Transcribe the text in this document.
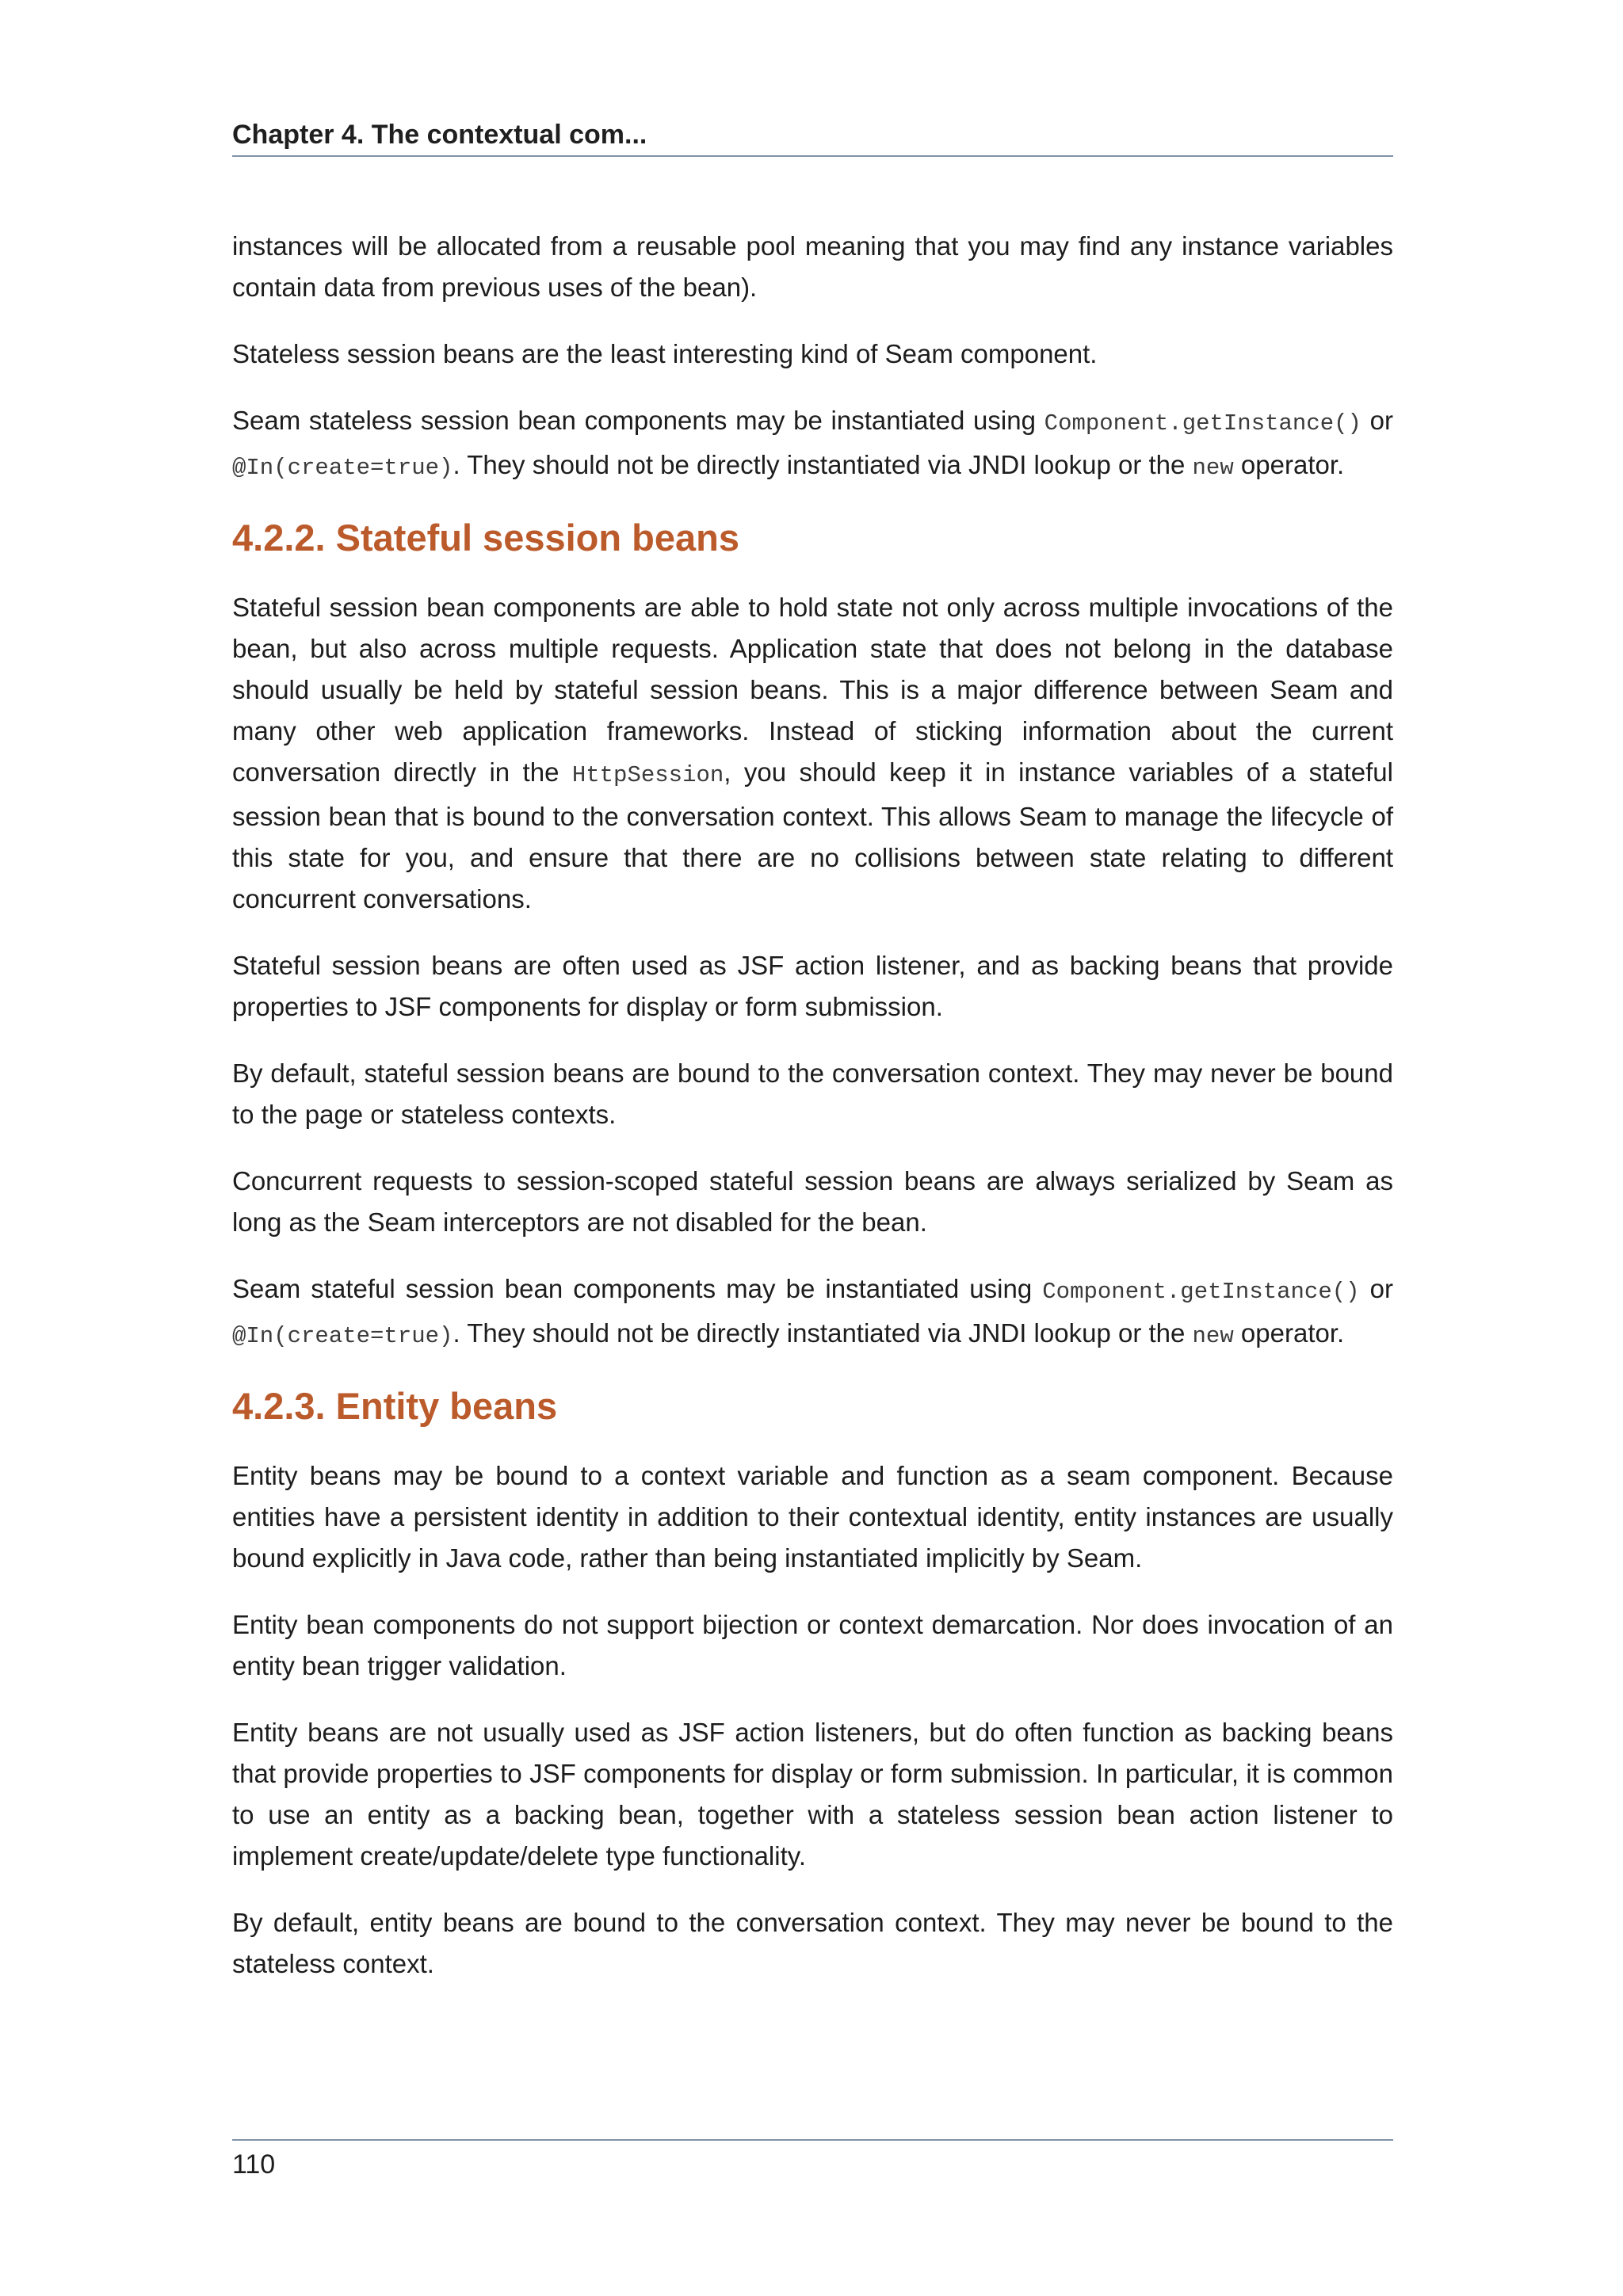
Chapter 4. The contextual com...

instances will be allocated from a reusable pool meaning that you may find any instance variables contain data from previous uses of the bean).

Stateless session beans are the least interesting kind of Seam component.

Seam stateless session bean components may be instantiated using Component.getInstance() or @In(create=true). They should not be directly instantiated via JNDI lookup or the new operator.

4.2.2. Stateful session beans

Stateful session bean components are able to hold state not only across multiple invocations of the bean, but also across multiple requests. Application state that does not belong in the database should usually be held by stateful session beans. This is a major difference between Seam and many other web application frameworks. Instead of sticking information about the current conversation directly in the HttpSession, you should keep it in instance variables of a stateful session bean that is bound to the conversation context. This allows Seam to manage the lifecycle of this state for you, and ensure that there are no collisions between state relating to different concurrent conversations.

Stateful session beans are often used as JSF action listener, and as backing beans that provide properties to JSF components for display or form submission.

By default, stateful session beans are bound to the conversation context. They may never be bound to the page or stateless contexts.

Concurrent requests to session-scoped stateful session beans are always serialized by Seam as long as the Seam interceptors are not disabled for the bean.

Seam stateful session bean components may be instantiated using Component.getInstance() or @In(create=true). They should not be directly instantiated via JNDI lookup or the new operator.

4.2.3. Entity beans

Entity beans may be bound to a context variable and function as a seam component. Because entities have a persistent identity in addition to their contextual identity, entity instances are usually bound explicitly in Java code, rather than being instantiated implicitly by Seam.

Entity bean components do not support bijection or context demarcation. Nor does invocation of an entity bean trigger validation.

Entity beans are not usually used as JSF action listeners, but do often function as backing beans that provide properties to JSF components for display or form submission. In particular, it is common to use an entity as a backing bean, together with a stateless session bean action listener to implement create/update/delete type functionality.

By default, entity beans are bound to the conversation context. They may never be bound to the stateless context.

110
